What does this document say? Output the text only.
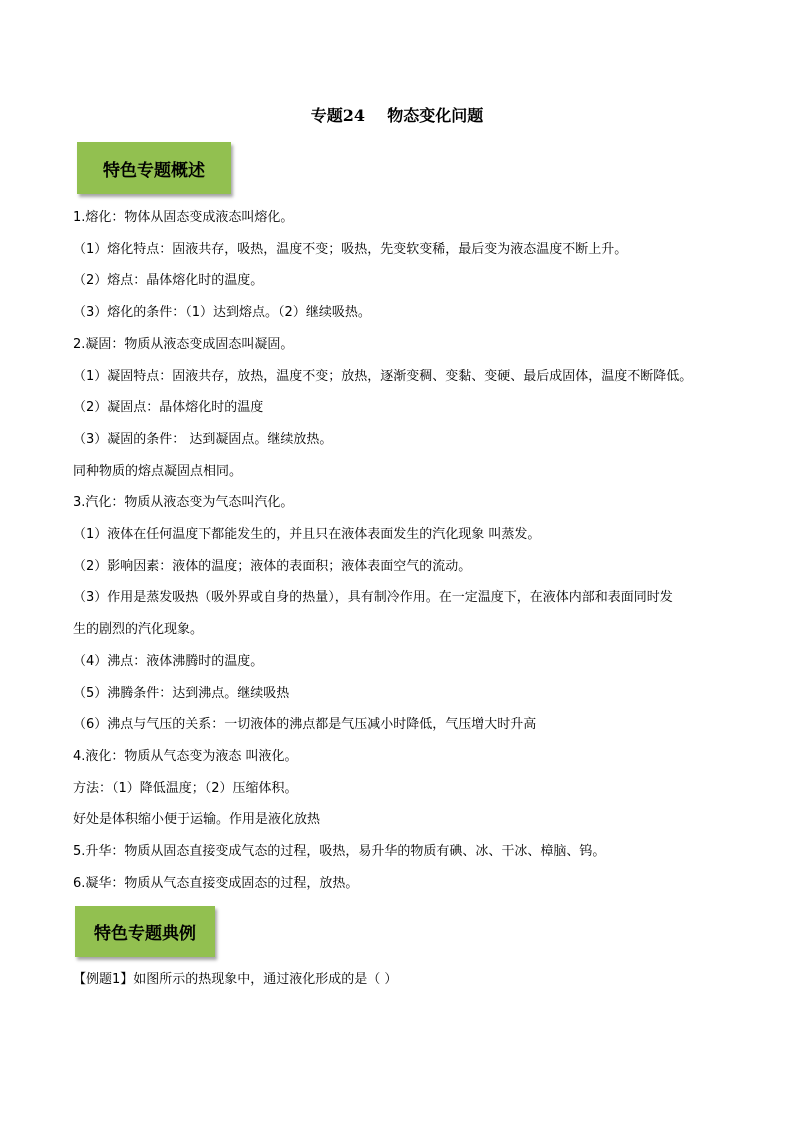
专题24    物态变化问题
特色专题概述

1.熔化：物体从固态变成液态叫熔化。

（1）熔化特点：固液共存，吸热，温度不变；吸热，先变软变稀，最后变为液态温度不断上升。

（2）熔点：晶体熔化时的温度。

（3）熔化的条件：（1）达到熔点。（2）继续吸热。

2.凝固：物质从液态变成固态叫凝固。

（1）凝固特点：固液共存，放热，温度不变；放热，逐渐变稠、变黏、变硬、最后成固体，温度不断降低。

（2）凝固点：晶体熔化时的温度

（3）凝固的条件： 达到凝固点。继续放热。

同种物质的熔点凝固点相同。

3.汽化：物质从液态变为气态叫汽化。

（1）液体在任何温度下都能发生的，并且只在液体表面发生的汽化现象 叫蒸发。

（2）影响因素：液体的温度；液体的表面积；液体表面空气的流动。

（3）作用是蒸发吸热（吸外界或自身的热量），具有制冷作用。在一定温度下，在液体内部和表面同时发

生的剧烈的汽化现象。

（4）沸点：液体沸腾时的温度。

（5）沸腾条件：达到沸点。继续吸热

（6）沸点与气压的关系：一切液体的沸点都是气压减小时降低，气压增大时升高

4.液化：物质从气态变为液态 叫液化。

方法：（1）降低温度；（2）压缩体积。

好处是体积缩小便于运输。作用是液化放热

5.升华：物质从固态直接变成气态的过程，吸热，易升华的物质有碘、冰、干冰、樟脑、钨。

6.凝华：物质从气态直接变成固态的过程，放热。

特色专题典例
【例题1】如图所示的热现象中，通过液化形成的是（ ）
